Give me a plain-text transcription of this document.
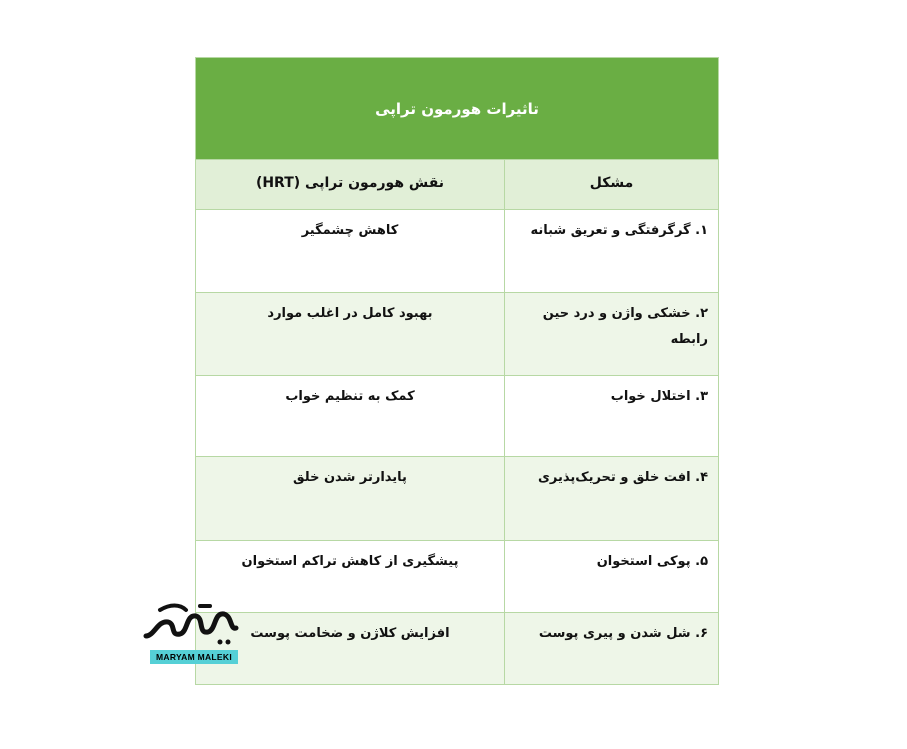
تاثیرات هورمون تراپی
مشکل
نقش هورمون تراپی (HRT)
۱. گرگرفتگی و تعریق شبانه
کاهش چشمگیر
۲. خشکی واژن و درد حین رابطه
بهبود کامل در اغلب موارد
۳. اختلال خواب
کمک به تنظیم خواب
۴. افت خلق و تحریک‌پذیری
پایدارتر شدن خلق
۵. پوکی استخوان
پیشگیری از کاهش تراکم استخوان
۶. شل شدن و پیری پوست
افزایش کلاژن و ضخامت پوست
MARYAM MALEKI
